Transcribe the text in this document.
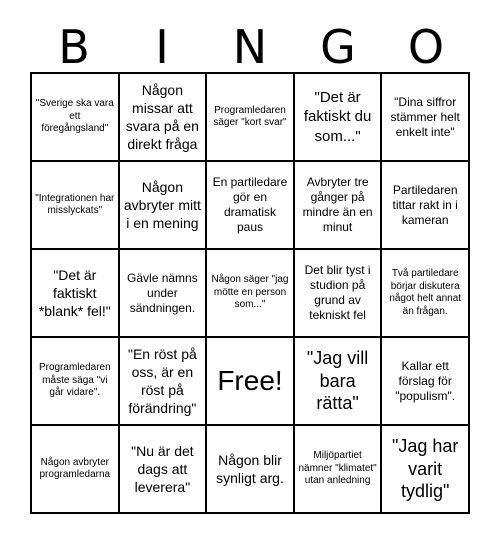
B	I	N	G	O
"Sverige ska vara ett föregångsland"
Någon missar att svara på en direkt fråga
Programledaren säger "kort svar"
"Det är faktiskt du som..."
"Dina siffror stämmer helt enkelt inte"
"Integrationen har misslyckats"
Någon avbryter mitt i en mening
En partiledare gör en dramatisk paus
Avbryter tre gånger på mindre än en minut
Partiledaren tittar rakt in i kameran
"Det är faktiskt *blank* fel!"
Gävle nämns under sändningen.
Någon säger "jag mötte en person som..."
Det blir tyst i studion på grund av tekniskt fel
Två partiledare börjar diskutera något helt annat än frågan.
Programledaren måste säga "vi går vidare".
"En röst på oss, är en röst på förändring"
Free!
"Jag vill bara rätta"
Kallar ett förslag för "populism".
Någon avbryter programledarna
"Nu är det dags att leverera"
Någon blir synligt arg.
Miljöpartiet nämner "klimatet" utan anledning
"Jag har varit tydlig"
